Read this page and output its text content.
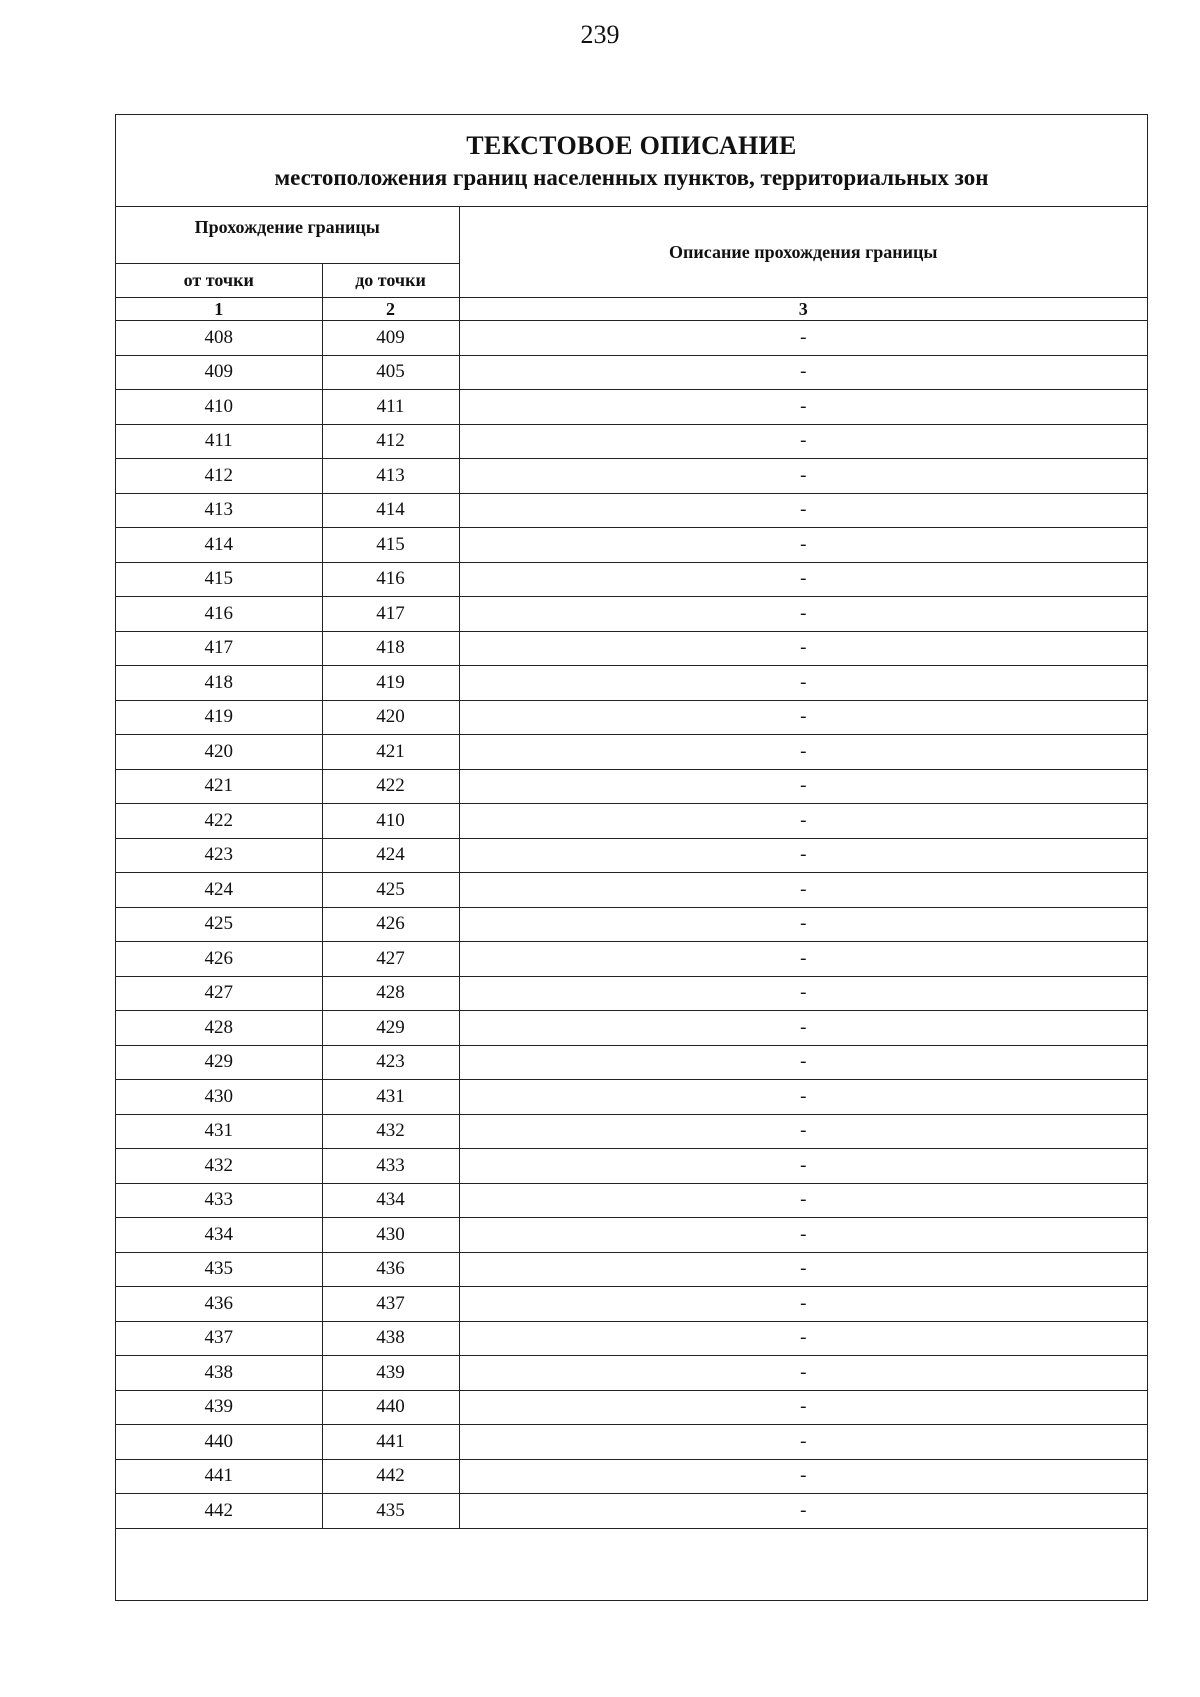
239
ТЕКСТОВОЕ ОПИСАНИЕ
местоположения границ населенных пунктов, территориальных зон
Прохождение границы		Описание прохождения границы
от точки	до точки	
1	2	3
408	409	-
409	405	-
410	411	-
411	412	-
412	413	-
413	414	-
414	415	-
415	416	-
416	417	-
417	418	-
418	419	-
419	420	-
420	421	-
421	422	-
422	410	-
423	424	-
424	425	-
425	426	-
426	427	-
427	428	-
428	429	-
429	423	-
430	431	-
431	432	-
432	433	-
433	434	-
434	430	-
435	436	-
436	437	-
437	438	-
438	439	-
439	440	-
440	441	-
441	442	-
442	435	-
